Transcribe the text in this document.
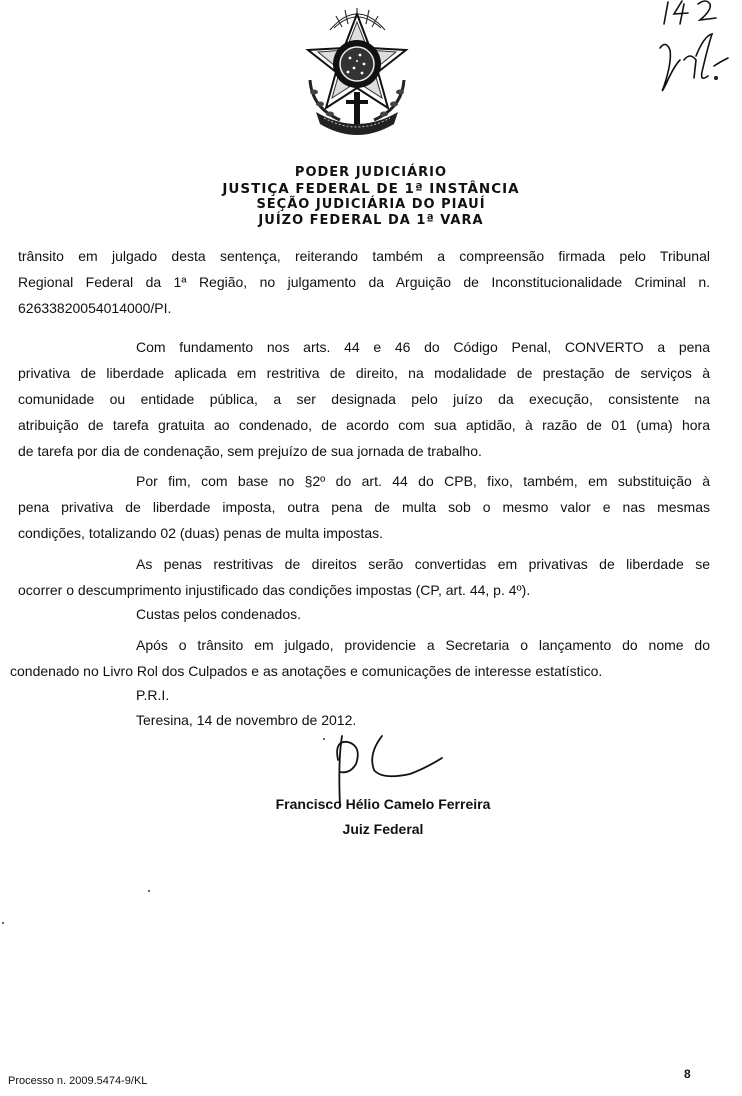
PODER JUDICIÁRIO
JUSTIÇA FEDERAL DE 1ª INSTÂNCIA
SEÇÃO JUDICIÁRIA DO PIAUÍ
JUÍZO FEDERAL DA 1ª VARA
trânsito em julgado desta sentença, reiterando também a compreensão firmada pelo Tribunal
Regional Federal da 1ª Região, no julgamento da Arguição de Inconstitucionalidade Criminal n.
62633820054014000/PI.
Com fundamento nos arts. 44 e 46 do Código Penal, CONVERTO a pena
privativa de liberdade aplicada em restritiva de direito, na modalidade de prestação de serviços à
comunidade ou entidade pública, a ser designada pelo juízo da execução, consistente na
atribuição de tarefa gratuita ao condenado, de acordo com sua aptidão, à razão de 01 (uma) hora
de tarefa por dia de condenação, sem prejuízo de sua jornada de trabalho.
Por fim, com base no §2º do art. 44 do CPB, fixo, também, em substituição à
pena privativa de liberdade imposta, outra pena de multa sob o mesmo valor e nas mesmas
condições, totalizando 02 (duas) penas de multa impostas.
As penas restritivas de direitos serão convertidas em privativas de liberdade se
ocorrer o descumprimento injustificado das condições impostas (CP, art. 44, p. 4º).
Custas pelos condenados.
Após o trânsito em julgado, providencie a Secretaria o lançamento do nome do
condenado no Livro Rol dos Culpados e as anotações e comunicações de interesse estatístico.
P.R.I.
Teresina, 14 de novembro de 2012.
Francisco Hélio Camelo Ferreira
Juiz Federal
Processo n. 2009.5474-9/KL	8
